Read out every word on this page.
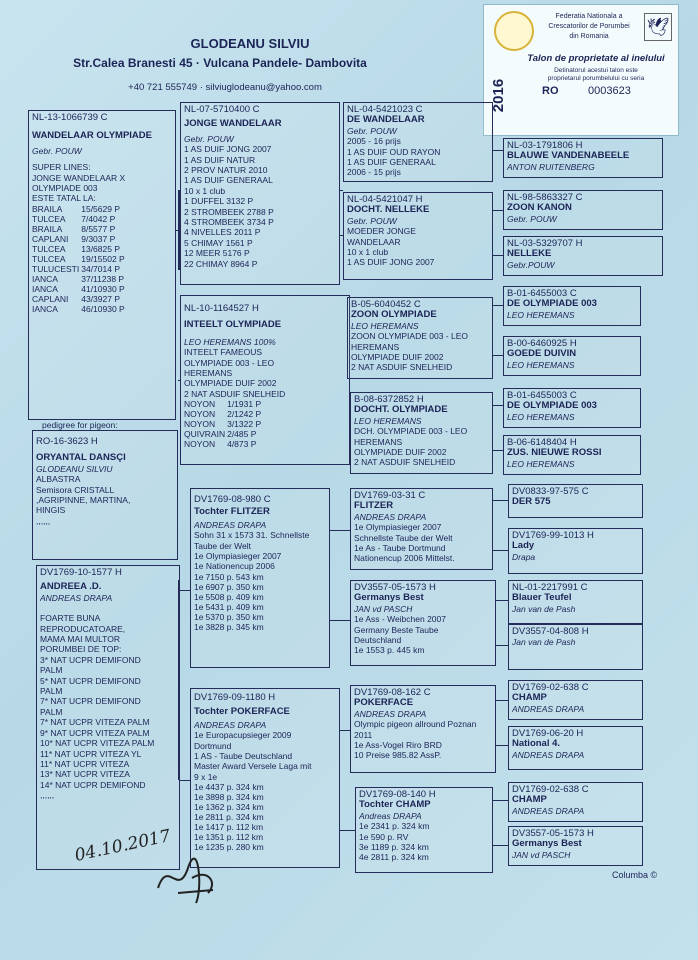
GLODEANU SILVIU
Str.Calea Branesti 45 · Vulcana Pandele- Dambovita
+40 721 555749 · silviuglodeanu@yahoo.com
Federatia Nationala a
Crescatorilor de Porumbei
din Romania	🕊
2016
Talon de proprietate al inelului
Detinatorul acestui talon este
proprietarul porumbelului cu seria
RO	0003623
pedigree for pigeon:
RO-16-3623 H
ORYANTAL DANSÇI
GLODEANU SILVIU
ALBASTRA
Semisora CRISTALL
,AGRIPINNE, MARTINA,
HINGIS
,,,,,,
NL-13-1066739 C
WANDELAAR OLYMPIADE
Gebr. POUW
SUPER LINES:
JONGE WANDELAAR X
OLYMPIADE 003
ESTE TATAL LA:
BRAILA	15/5629 P
TULCEA	7/4042 P
BRAILA	8/5577 P
CAPLANI	9/3037 P
TULCEA	13/6825 P
TULCEA	19/15502 P
TULUCESTI	34/7014 P
IANCA	37/11238 P
IANCA	41/10930 P
CAPLANI	43/3927 P
IANCA	46/10930 P
DV1769-10-1577 H
ANDREEA .D.
ANDREAS DRAPA
FOARTE BUNA
REPRODUCATOARE,
MAMA MAI MULTOR
PORUMBEI DE TOP:
3* NAT UCPR DEMIFOND
PALM
5* NAT UCPR DEMIFOND
PALM
7* NAT UCPR DEMIFOND
PALM
7* NAT UCPR VITEZA PALM
9* NAT UCPR VITEZA PALM
10* NAT UCPR VITEZA PALM
11* NAT UCPR VITEZA YL
11* NAT UCPR VITEZA
13* NAT UCPR VITEZA
14* NAT UCPR DEMIFOND
,,,,,,
NL-07-5710400 C
JONGE WANDELAAR
Gebr. POUW
1 AS DUIF JONG 2007
1 AS DUIF NATUR
2 PROV NATUR 2010
1 AS DUIF GENERAAL
10 x 1 club
1 DUFFEL 3132 P
2 STROMBEEK 2788 P
4 STROMBEEK 3734 P
4 NIVELLES 2011 P
5 CHIMAY 1561 P
12 MEER 5176 P
22 CHIMAY 8964 P
NL-10-1164527 H
INTEELT OLYMPIADE
LEO HEREMANS 100%
INTEELT FAMEOUS
OLYMPIADE 003 - LEO
HEREMANS
OLYMPIADE DUIF 2002
2 NAT ASDUIF SNELHEID
NOYON	1/1931 P
NOYON	2/1242 P
NOYON	3/1322 P
QUIVRAIN	2/485 P
NOYON	4/873 P
DV1769-08-980 C
Tochter FLITZER
ANDREAS DRAPA
Sohn 31 x 1573 31. Schnellste
Taube der Welt
1e Olympiasieger 2007
1e Nationencup 2006
1e	7150 p.	543 km
1e	6907 p.	350 km
1e	5508 p.	409 km
1e	5431 p.	409 km
1e	5370 p.	350 km
1e	3828 p.	345 km
DV1769-09-1180 H
Tochter POKERFACE
ANDREAS DRAPA
1e Europacupsieger 2009
Dortmund
1 AS - Taube Deutschland
Master Award Versele Laga mit
9 x 1e
1e	4437 p.	324 km
1e	3898 p.	324 km
1e	1362 p.	324 km
1e	2811 p.	324 km
1e	1417 p.	112 km
1e	1351 p.	112 km
1e	1235 p.	280 km
NL-04-5421023 C
DE WANDELAAR
Gebr. POUW
2005 - 16 prijs
1 AS DUIF OUD RAYON
1 AS DUIF GENERAAL
2006 - 15 prijs
NL-04-5421047 H
DOCHT. NELLEKE
Gebr. POUW
MOEDER JONGE
WANDELAAR
10 x 1 club
1 AS DUIF JONG 2007
B-05-6040452 C
ZOON OLYMPIADE
LEO HEREMANS
ZOON OLYMPIADE 003 - LEO
HEREMANS
OLYMPIADE DUIF 2002
2 NAT ASDUIF SNELHEID
B-08-6372852 H
DOCHT. OLYMPIADE
LEO HEREMANS
DCH. OLYMPIADE 003 - LEO
HEREMANS
OLYMPIADE DUIF 2002
2 NAT ASDUIF SNELHEID
DV1769-03-31 C
FLITZER
ANDREAS DRAPA
1e Olympiasieger 2007
Schnellste Taube der Welt
1e As - Taube Dortmund
Nationencup 2006 Mittelst.
DV3557-05-1573 H
Germanys Best
JAN vd PASCH
1e Ass - Weibchen 2007
Germany Beste Taube
Deutschland
1e 1553 p. 445 km
DV1769-08-162 C
POKERFACE
ANDREAS DRAPA
Olympic pigeon allround Poznan
2011
1e Ass-Vogel Riro BRD
10 Preise 985.82 AssP.
DV1769-08-140 H
Tochter CHAMP
Andreas DRAPA
1e 2341 p. 324 km
1e 590 p. RV
3e 1189 p. 324 km
4e 2811 p. 324 km
NL-03-1791806 H
BLAUWE VANDENABEELE
ANTON RUITENBERG
NL-98-5863327 C
ZOON KANON
Gebr. POUW
NL-03-5329707 H
NELLEKE
Gebr.POUW
B-01-6455003 C
DE OLYMPIADE 003
LEO HEREMANS
B-00-6460925 H
GOEDE DUIVIN
LEO HEREMANS
B-01-6455003 C
DE OLYMPIADE 003
LEO HEREMANS
B-06-6148404 H
ZUS. NIEUWE ROSSI
LEO HEREMANS
DV0833-97-575 C
DER 575
DV1769-99-1013 H
Lady
Drapa
NL-01-2217991 C
Blauer Teufel
Jan van de Pash
DV3557-04-808 H
Jan van de Pash
DV1769-02-638 C
CHAMP
ANDREAS DRAPA
DV1769-06-20 H
National 4.
ANDREAS DRAPA
DV1769-02-638 C
CHAMP
ANDREAS DRAPA
DV3557-05-1573 H
Germanys Best
JAN vd PASCH
04.10.2017
Columba ©
